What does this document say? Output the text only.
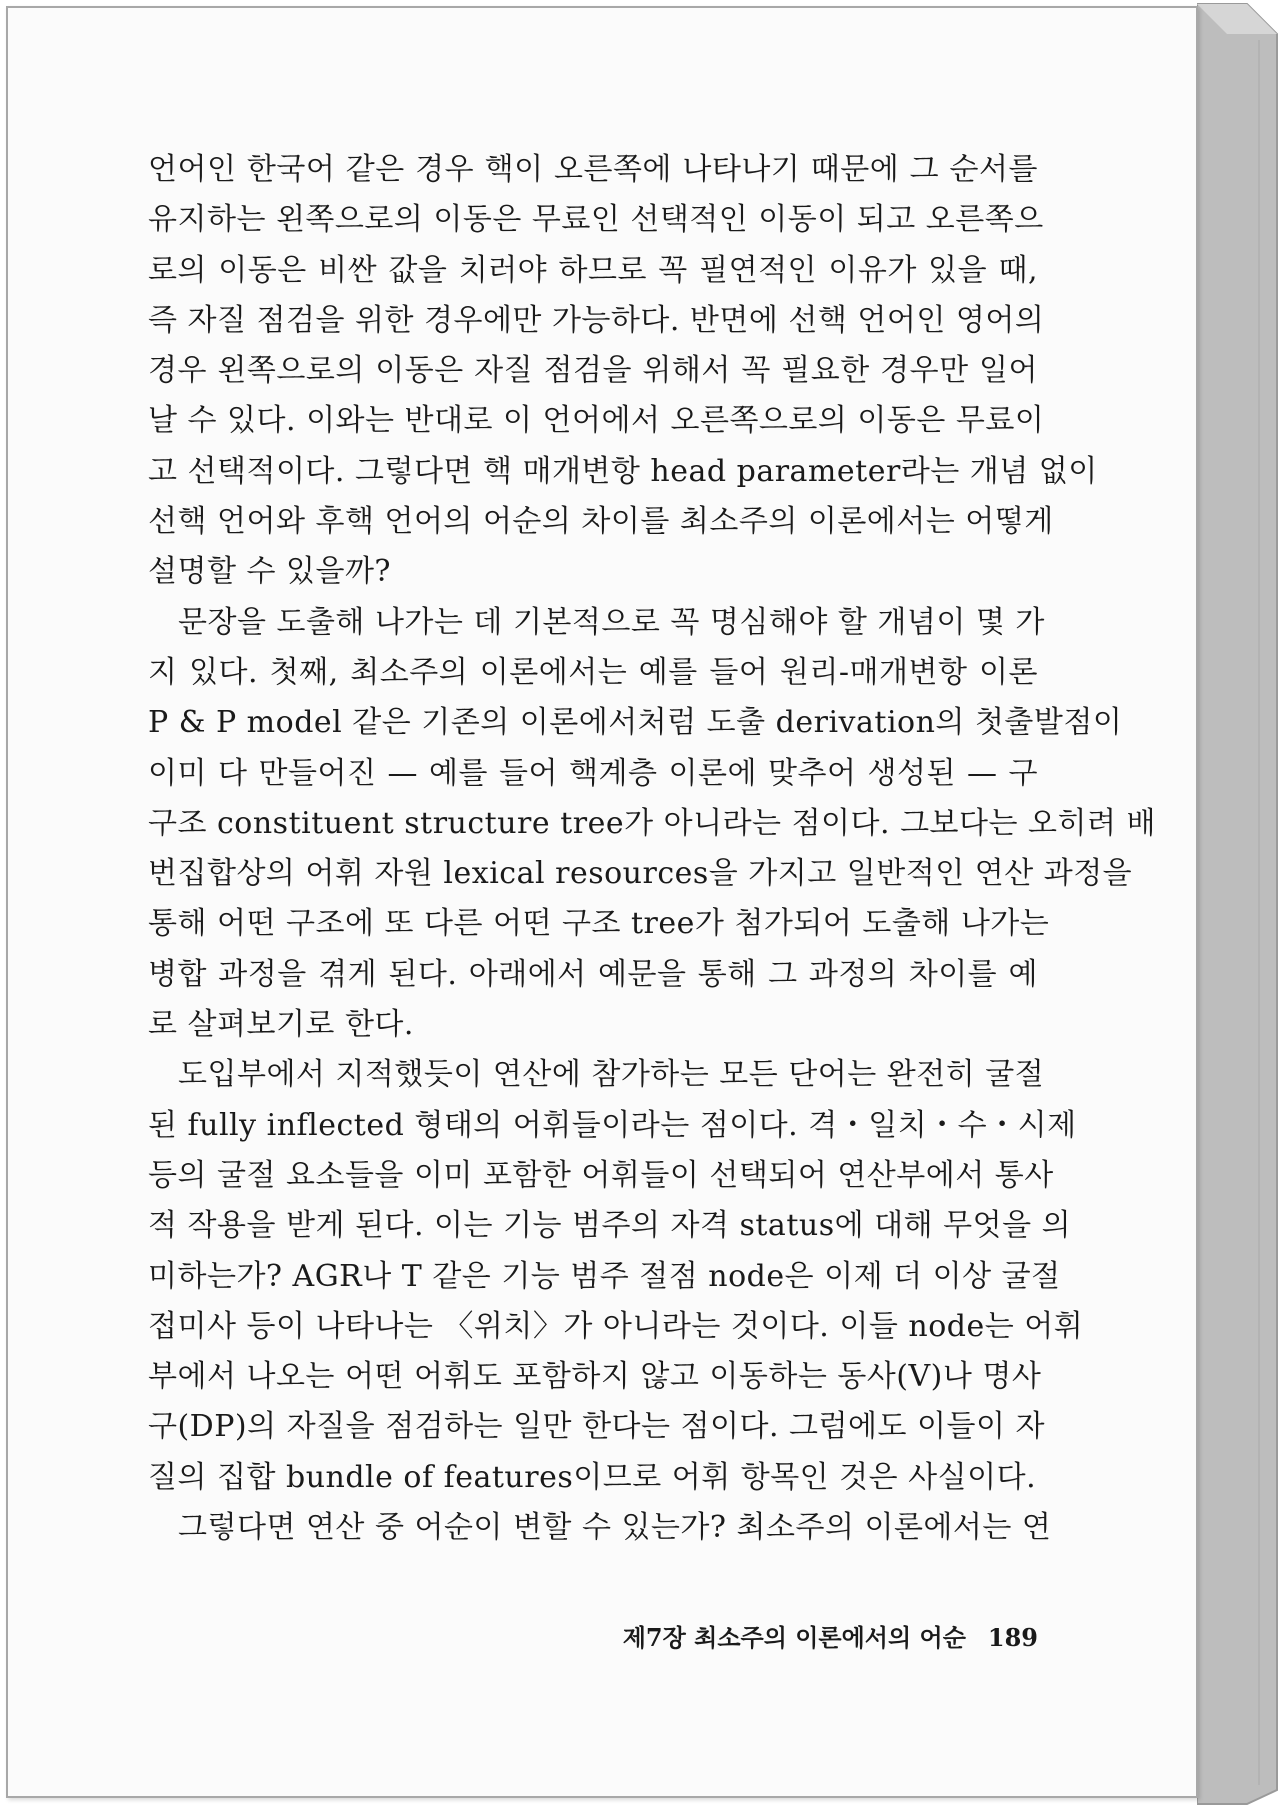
언어인 한국어 같은 경우 핵이 오른쪽에 나타나기 때문에 그 순서를
유지하는 왼쪽으로의 이동은 무료인 선택적인 이동이 되고 오른쪽으
로의 이동은 비싼 값을 치러야 하므로 꼭 필연적인 이유가 있을 때,
즉 자질 점검을 위한 경우에만 가능하다. 반면에 선핵 언어인 영어의
경우 왼쪽으로의 이동은 자질 점검을 위해서 꼭 필요한 경우만 일어
날 수 있다. 이와는 반대로 이 언어에서 오른쪽으로의 이동은 무료이
고 선택적이다. 그렇다면 핵 매개변항 head parameter라는 개념 없이
선핵 언어와 후핵 언어의 어순의 차이를 최소주의 이론에서는 어떻게
설명할 수 있을까?
문장을 도출해 나가는 데 기본적으로 꼭 명심해야 할 개념이 몇 가
지 있다. 첫째, 최소주의 이론에서는 예를 들어 원리-매개변항 이론
P & P model 같은 기존의 이론에서처럼 도출 derivation의 첫출발점이
이미 다 만들어진 — 예를 들어 핵계층 이론에 맞추어 생성된 — 구
구조 constituent structure tree가 아니라는 점이다. 그보다는 오히려 배
번집합상의 어휘 자원 lexical resources을 가지고 일반적인 연산 과정을
통해 어떤 구조에 또 다른 어떤 구조 tree가 첨가되어 도출해 나가는
병합 과정을 겪게 된다. 아래에서 예문을 통해 그 과정의 차이를 예
로 살펴보기로 한다.
도입부에서 지적했듯이 연산에 참가하는 모든 단어는 완전히 굴절
된 fully inflected 형태의 어휘들이라는 점이다. 격・일치・수・시제
등의 굴절 요소들을 이미 포함한 어휘들이 선택되어 연산부에서 통사
적 작용을 받게 된다. 이는 기능 범주의 자격 status에 대해 무엇을 의
미하는가? AGR나 T 같은 기능 범주 절점 node은 이제 더 이상 굴절
접미사 등이 나타나는 〈위치〉가 아니라는 것이다. 이들 node는 어휘
부에서 나오는 어떤 어휘도 포함하지 않고 이동하는 동사(V)나 명사
구(DP)의 자질을 점검하는 일만 한다는 점이다. 그럼에도 이들이 자
질의 집합 bundle of features이므로 어휘 항목인 것은 사실이다.
그렇다면 연산 중 어순이 변할 수 있는가? 최소주의 이론에서는 연
제7장 최소주의 이론에서의 어순 189
